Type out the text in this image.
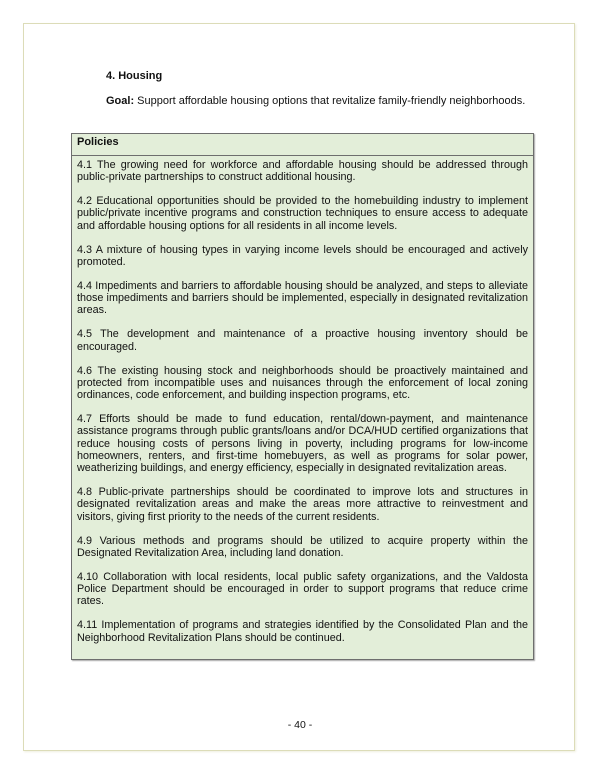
4. Housing
Goal: Support affordable housing options that revitalize family-friendly neighborhoods.
Policies

4.1 The growing need for workforce and affordable housing should be addressed through public-private partnerships to construct additional housing.

4.2 Educational opportunities should be provided to the homebuilding industry to implement public/private incentive programs and construction techniques to ensure access to adequate and affordable housing options for all residents in all income levels.

4.3 A mixture of housing types in varying income levels should be encouraged and actively promoted.

4.4 Impediments and barriers to affordable housing should be analyzed, and steps to alleviate those impediments and barriers should be implemented, especially in designated revitalization areas.

4.5 The development and maintenance of a proactive housing inventory should be encouraged.

4.6 The existing housing stock and neighborhoods should be proactively maintained and protected from incompatible uses and nuisances through the enforcement of local zoning ordinances, code enforcement, and building inspection programs, etc.

4.7 Efforts should be made to fund education, rental/down-payment, and maintenance assistance programs through public grants/loans and/or DCA/HUD certified organizations that reduce housing costs of persons living in poverty, including programs for low-income homeowners, renters, and first-time homebuyers, as well as programs for solar power, weatherizing buildings, and energy efficiency, especially in designated revitalization areas.

4.8 Public-private partnerships should be coordinated to improve lots and structures in designated revitalization areas and make the areas more attractive to reinvestment and visitors, giving first priority to the needs of the current residents.

4.9 Various methods and programs should be utilized to acquire property within the Designated Revitalization Area, including land donation.

4.10 Collaboration with local residents, local public safety organizations, and the Valdosta Police Department should be encouraged in order to support programs that reduce crime rates.

4.11 Implementation of programs and strategies identified by the Consolidated Plan and the Neighborhood Revitalization Plans should be continued.

- 40 -
